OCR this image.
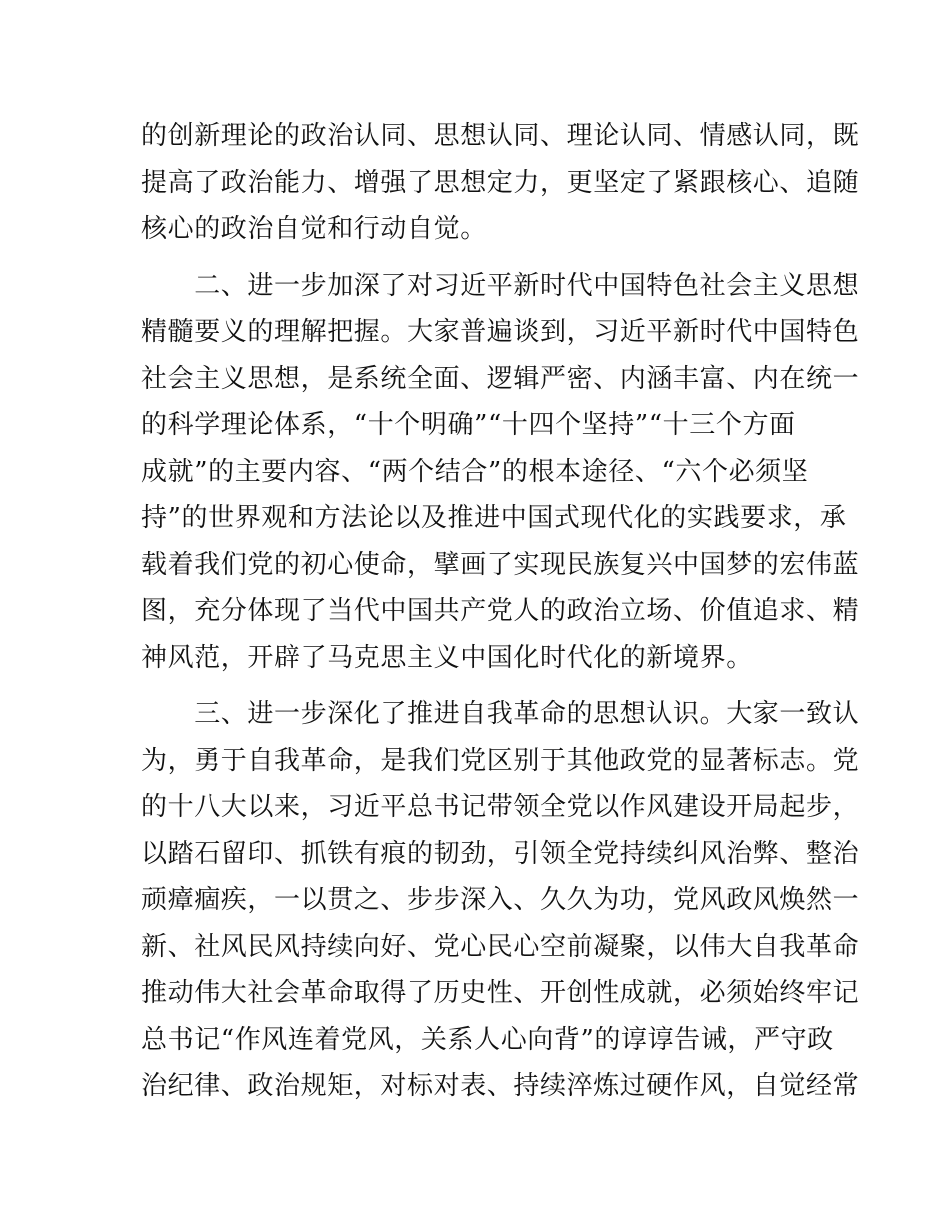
的创新理论的政治认同、思想认同、理论认同、情感认同，既
提高了政治能力、增强了思想定力，更坚定了紧跟核心、追随
核心的政治自觉和行动自觉。
　　二、进一步加深了对习近平新时代中国特色社会主义思想
精髓要义的理解把握。大家普遍谈到，习近平新时代中国特色
社会主义思想，是系统全面、逻辑严密、内涵丰富、内在统一
的科学理论体系，“十个明确”“十四个坚持”“十三个方面
成就”的主要内容、“两个结合”的根本途径、“六个必须坚
持”的世界观和方法论以及推进中国式现代化的实践要求，承
载着我们党的初心使命，擘画了实现民族复兴中国梦的宏伟蓝
图，充分体现了当代中国共产党人的政治立场、价值追求、精
神风范，开辟了马克思主义中国化时代化的新境界。
　　三、进一步深化了推进自我革命的思想认识。大家一致认
为，勇于自我革命，是我们党区别于其他政党的显著标志。党
的十八大以来，习近平总书记带领全党以作风建设开局起步，
以踏石留印、抓铁有痕的韧劲，引领全党持续纠风治弊、整治
顽瘴痼疾，一以贯之、步步深入、久久为功，党风政风焕然一
新、社风民风持续向好、党心民心空前凝聚，以伟大自我革命
推动伟大社会革命取得了历史性、开创性成就，必须始终牢记
总书记“作风连着党风，关系人心向背”的谆谆告诫，严守政
治纪律、政治规矩，对标对表、持续淬炼过硬作风，自觉经常
